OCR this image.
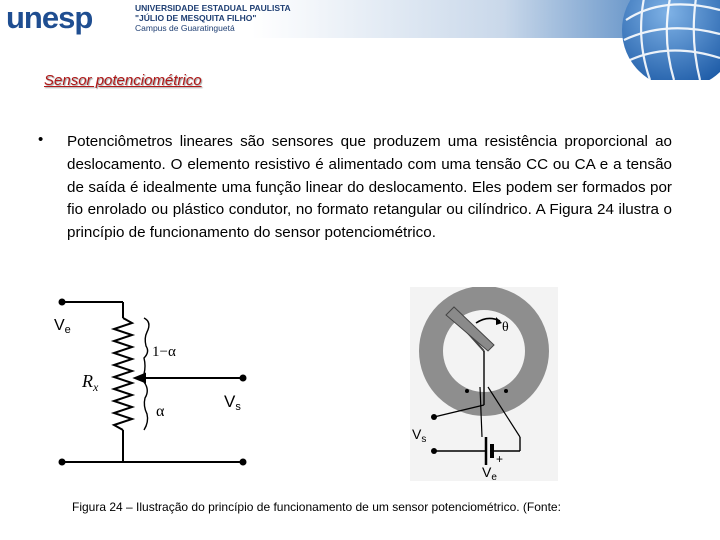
unesp	UNIVERSIDADE ESTADUAL PAULISTA
"JÚLIO DE MESQUITA FILHO"
Campus de Guaratinguetá
Sensor potenciométrico
• Potenciômetros lineares são sensores que produzem uma resistência proporcional ao deslocamento. O elemento resistivo é alimentado com uma tensão CC ou CA e a tensão de saída é idealmente uma função linear do deslocamento. Eles podem ser formados por fio enrolado ou plástico condutor, no formato retangular ou cilíndrico. A Figura 24 ilustra o princípio de funcionamento do sensor potenciométrico.
Ve
$R_x$
1−α
α
Vs
θ
+
$V_s$
$V_e$
Figura 24 – Ilustração do princípio de funcionamento de um sensor potenciométrico. (Fonte:
